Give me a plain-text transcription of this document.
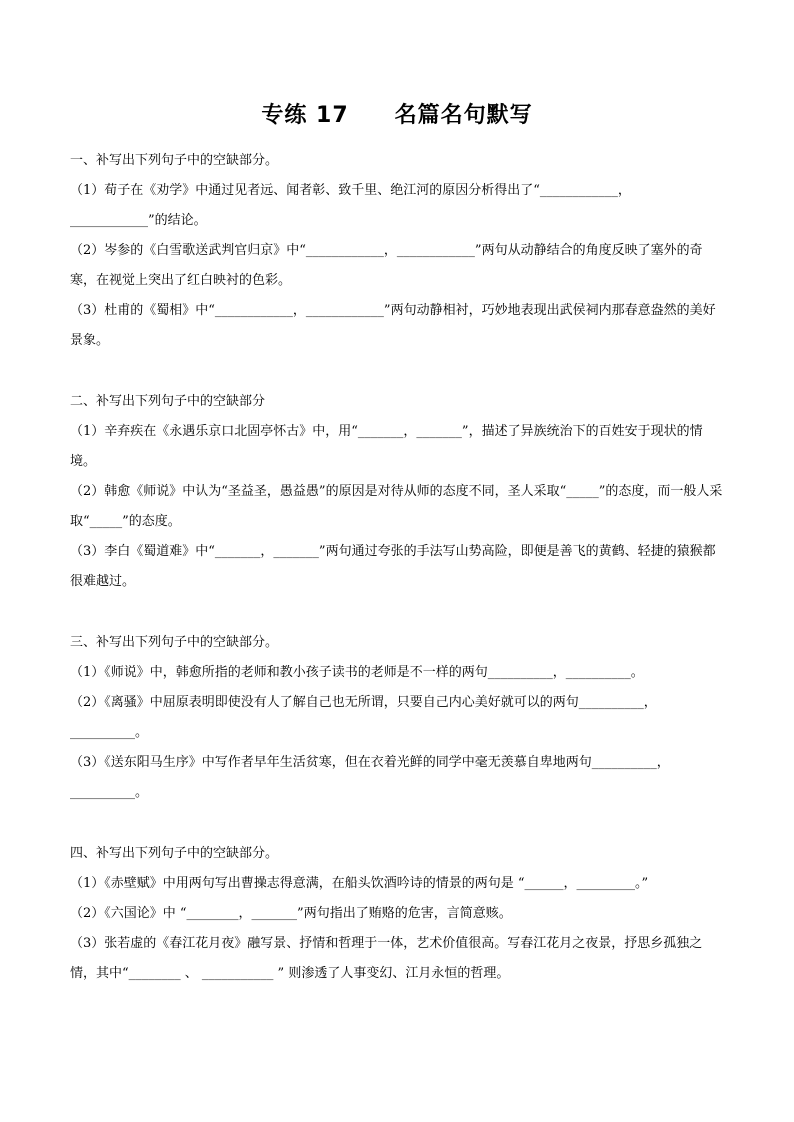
专练 17　　名篇名句默写

一、补写出下列句子中的空缺部分。

（1）荀子在《劝学》中通过见者远、闻者彰、致千里、绝江河的原因分析得出了“____________，____________”的结论。

（2）岑参的《白雪歌送武判官归京》中“____________，____________”两句从动静结合的角度反映了塞外的奇寒，在视觉上突出了红白映衬的色彩。

（3）杜甫的《蜀相》中“____________，____________”两句动静相衬，巧妙地表现出武侯祠内那春意盎然的美好景象。

二、补写出下列句子中的空缺部分

（1）辛弃疾在《永遇乐京口北固亭怀古》中，用“_______，_______”，描述了异族统治下的百姓安于现状的情境。

（2）韩愈《师说》中认为“圣益圣，愚益愚”的原因是对待从师的态度不同，圣人采取“_____”的态度，而一般人采取“_____”的态度。

（3）李白《蜀道难》中“_______，_______”两句通过夸张的手法写山势高险，即便是善飞的黄鹤、轻捷的猿猴都很难越过。

三、补写出下列句子中的空缺部分。

（1）《师说》中，韩愈所指的老师和教小孩子读书的老师是不一样的两句__________，__________。

（2）《离骚》中屈原表明即使没有人了解自己也无所谓，只要自己内心美好就可以的两句__________，__________。

（3）《送东阳马生序》中写作者早年生活贫寒，但在衣着光鲜的同学中毫无羡慕自卑地两句__________，__________。

四、补写出下列句子中的空缺部分。

（1）《赤壁赋》中用两句写出曹操志得意满，在船头饮酒吟诗的情景的两句是 “______，_________。”

（2）《六国论》中 “________，_______”两句指出了贿赂的危害，言简意赅。

（3）张若虚的《春江花月夜》融写景、抒情和哲理于一体，艺术价值很高。写春江花月之夜景，抒思乡孤独之情，其中“________ 、 ___________ ” 则渗透了人事变幻、江月永恒的哲理。
